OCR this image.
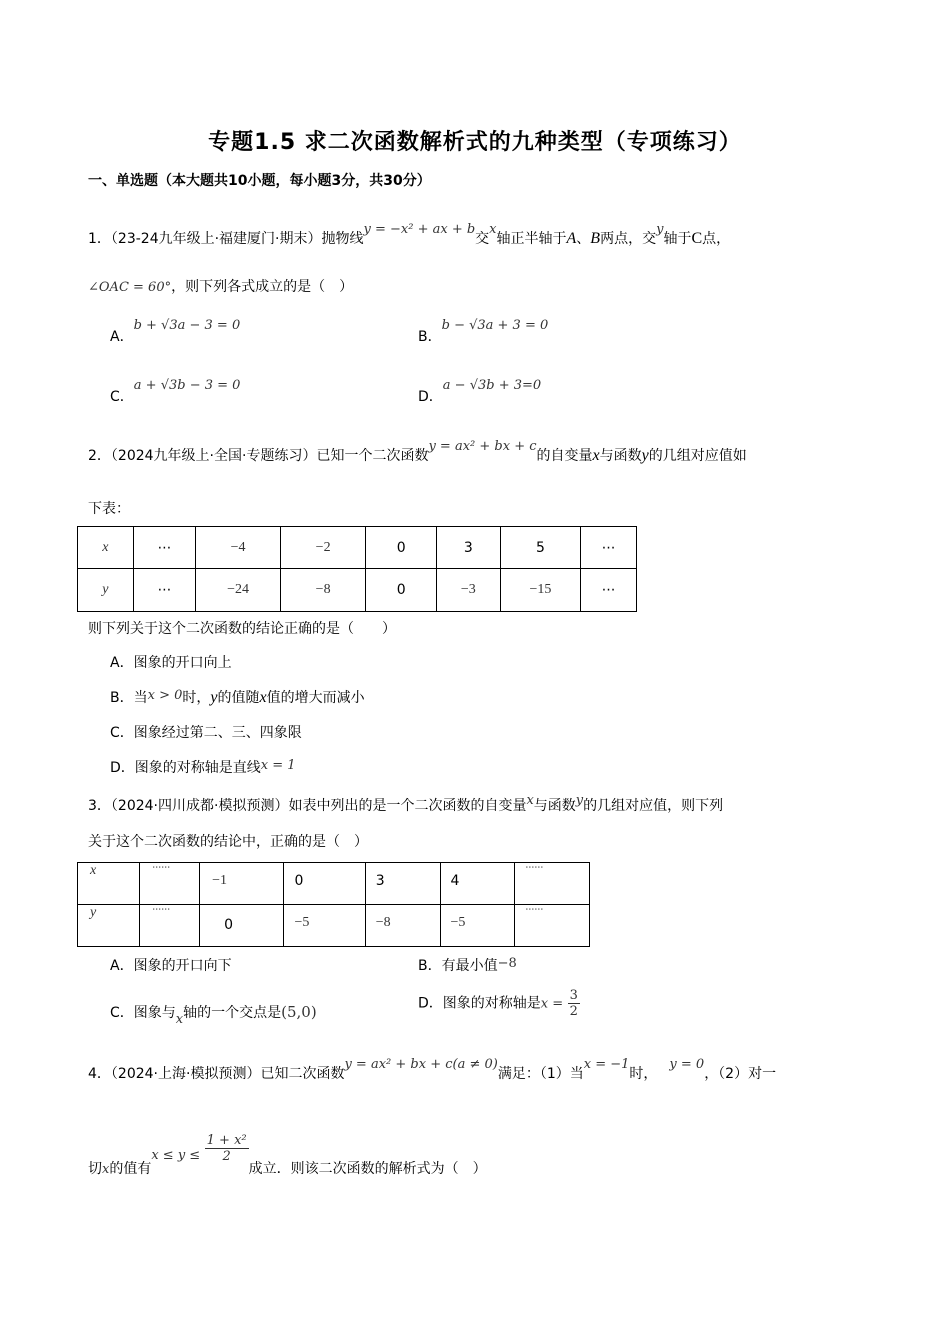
专题1.5 求二次函数解析式的九种类型（专项练习）
一、单选题（本大题共10小题，每小题3分，共30分）
1．（23-24九年级上·福建厦门·期末）抛物线y = −x² + ax + b交x轴正半轴于A、B两点，交y轴于C点，
∠OAC = 60°，则下列各式成立的是（　）
A．b + √3a − 3 = 0
B．b − √3a + 3 = 0
C．a + √3b − 3 = 0
D．a − √3b + 3=0
2．（2024九年级上·全国·专题练习）已知一个二次函数y = ax² + bx + c的自变量x与函数y的几组对应值如
下表：
x	⋯	−4	−2	0	3	5	⋯
y	⋯	−24	−8	0	−3	−15	⋯
则下列关于这个二次函数的结论正确的是（　　）
A．图象的开口向上
B．当x > 0时，y的值随x值的增大而减小
C．图象经过第二、三、四象限
D．图象的对称轴是直线x = 1
3．（2024·四川成都·模拟预测）如表中列出的是一个二次函数的自变量x与函数y的几组对应值，则下列
关于这个二次函数的结论中，正确的是（　）
x	⋯⋯	−1	0	3	4	⋯⋯
y	⋯⋯	0	−5	−8	−5	⋯⋯
A．图象的开口向下	B．有最小值−8
C．图象与x轴的一个交点是(5,0)	D．图象的对称轴是$x = \frac{3}{2}$
4．（2024·上海·模拟预测）已知二次函数y = ax² + bx + c(a ≠ 0)满足：（1）当x = −1时，y = 0，（2）对一
切x的值有$x \le y \le \frac{\text{1 + x²}}{2}$
成立．则该二次函数的解析式为（　）
